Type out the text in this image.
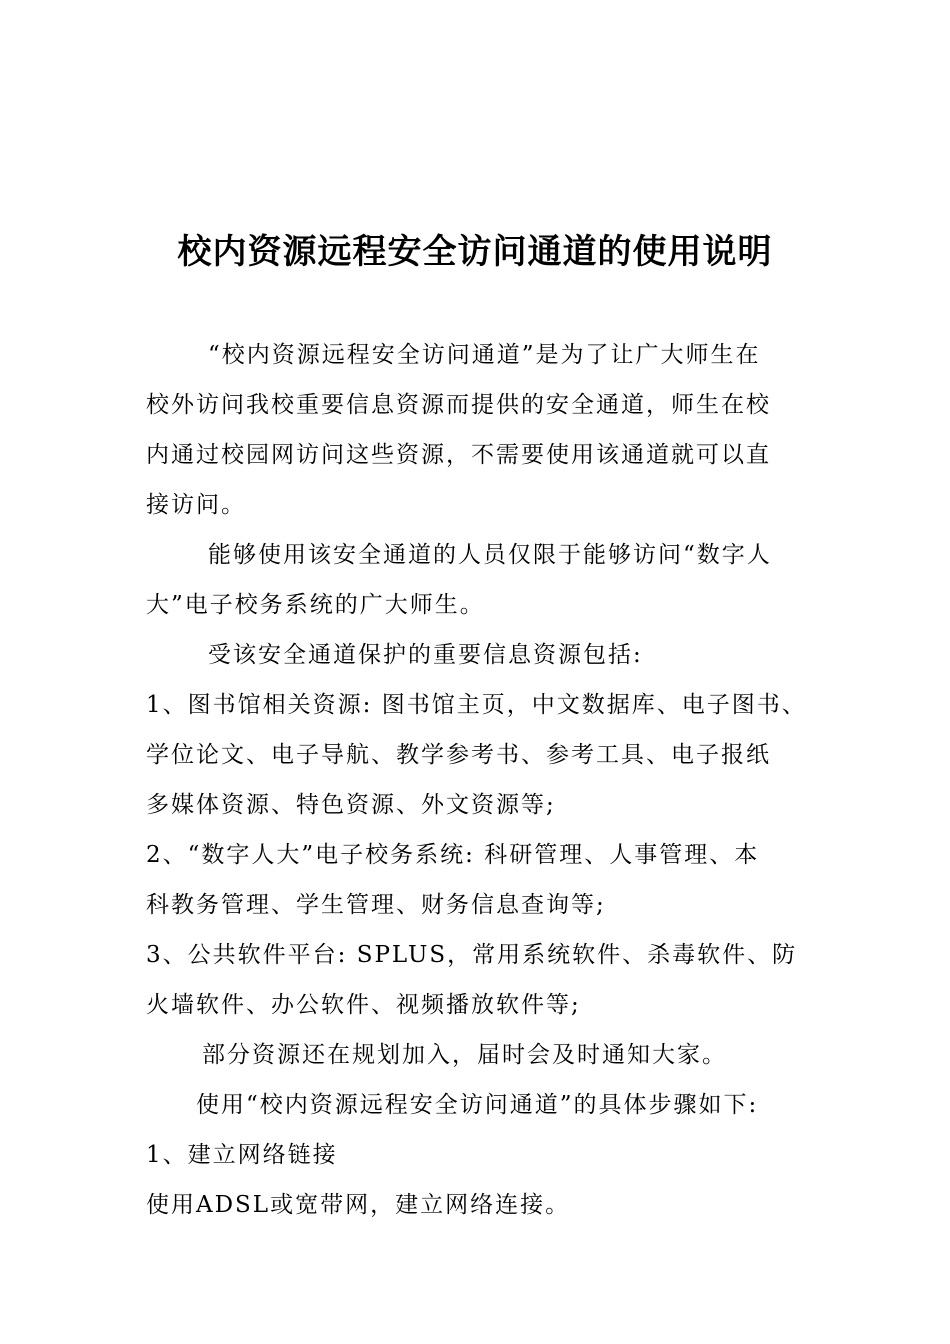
校内资源远程安全访问通道的使用说明
“校内资源远程安全访问通道”是为了让广大师生在
校外访问我校重要信息资源而提供的安全通道，师生在校
内通过校园网访问这些资源，不需要使用该通道就可以直
接访问。
能够使用该安全通道的人员仅限于能够访问“数字人
大”电子校务系统的广大师生。
受该安全通道保护的重要信息资源包括:
1、图书馆相关资源: 图书馆主页，中文数据库、电子图书、
学位论文、电子导航、教学参考书、参考工具、电子报纸
多媒体资源、特色资源、外文资源等;
2、“数字人大”电子校务系统: 科研管理、人事管理、本
科教务管理、学生管理、财务信息查询等;
3、公共软件平台: SPLUS，常用系统软件、杀毒软件、防
火墙软件、办公软件、视频播放软件等;
部分资源还在规划加入，届时会及时通知大家。
使用“校内资源远程安全访问通道”的具体步骤如下:
1、建立网络链接
使用ADSL或宽带网，建立网络连接。
